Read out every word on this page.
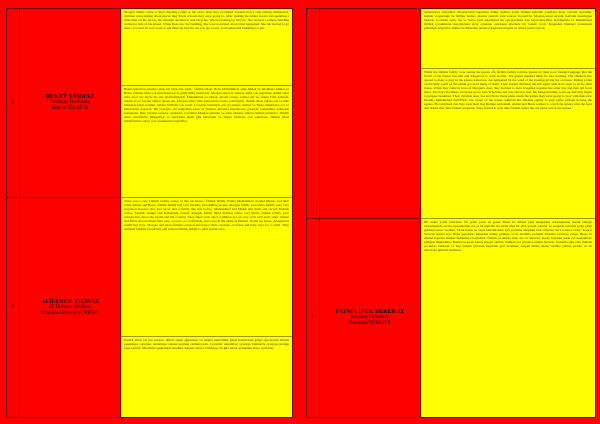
5
6
BUKET ŞAŞMAZ
Tuzluçay Ortaokulu
Konya/TÜRKİYE
AFİFENUR YILMAZ
15 Temmuz Şehitleri
Ortaokulu Mersin/TÜRKİYE
Morgan family came to their meeting points at the exact hour they promised. Parents had a chat among themselves, children were talking about places they lived, schools they were going to. After visiting the island streets and spending a little time on the beach, the children decided to rent bicycles. When traveling by bicycle, She noticed a remote building on the far side of the island. When Kate saw the building, She was so excited about what happened. She felt he had to go there. It would be very scary to get there by bicycle. As you get closer, you realize that building is a pie.
Buket kafasının içinden çıkan bir Türk aile vardı : Öztürk ailesi. Baba Muhammed, anne Melek ve küçükleri Ahmet ve Beste. Öztürk ailesi çok misafirperver ve güleryüzlü insanlardı. Morgan ailesi ve Alex'in ailesi çok şaşırmıştı çünkü onlar daha önce hiç böyle bir aile görmemişlerdi. Muhammed ve Melek onlarla tanıştı, sohbet etti ve onlara Türk kahvesi, lokum ve ev yapımı tatlılar ikram etti. Morgan ailesi Türk kahvesinin tadına çok bayıldı. Öztürk ailesi onlara ada ve ülke hakkında bilgi verdiler. Aileler birbirini çok sevdi. Çocuklar birbiriyle çok iyi anlaştı. Ahmet ve Beste misafirlere evi ve bahçelerini gösterdi. Bir papağan, iki muhabbet kuşu ve Duman adındaki köpeklerini gösterdi. Gelenekler hakkında konuştular. Hep beraber oyunlar oynadılar. Çocuklar Morgan ailesine ve Alex ailesine adanın tarihini anlattılar. Öztürk ailesi kendilerini Morgan'lar ve Alex'lerin ailesi gibi hissettiler ve aileler birbirine çok yakınlaştı. Öztürk ailesi misafirlerine onları çok sevdiklerini söylediler.
There was a cute Turkish family owner of this ıns house : Öztürk family. Father Muhammed, mother Melek, and their twins Ahmet and Beste. Öztürk family had very friendly and smiling people. Morgan family and Alex's family were very surprised because they had never met a family like this before. Muhammed and Melek met them and served Turkish coffee, Turkish delight and homemade sweets. Morgan family liked Turkish coffee very much. Öztürk family gave information about the island and the country. They liked each other. Children got on very well with each other. Ahmet and Beste showed them their pets, a parrot, two ladybirds, and a dog in the name of Duman. In this tea house, designed in traditional style. Morgan and Alex families relaxed and forgot their countries crowded and busy days for a while. They admired Turkish hospitality and invited Öztürk family to their hometowns.
Öztürk ailesi çat pat yabancı dilleri onları ağırlarken ve adanın unutulmuş güzel hatıralarını gölge ağaçlarının altında yaşatmaya çalıştılar. Anlattıkça adanın geçmişi canlanıyordu. Çocuklar saklambaç oynayıp, Duman'la oynayıp ortalığa neşe saçtılar. Misafirler şaşkınlıkla izlediler. Akşam olunca vedalaşıp, bir gün tekrar görüşmek üzere ayrıldılar.
7
FATMA İPEK BEREKAT
Kayabey Ortaokulu
Balıkesir/TÜRKİYE
tırmanmaya başladılar. Morgan'ların kapısının önüne gelince yanın birlikte kahvaltı yapmaya karar verendi ayrıldılar. Günün yorgunluğu ile birlikte herkes odasına çekildi. Gün sonrası Kocaeli'de, Morgan ailesi uyandı, kahvaltı hazırlığına başladı. Çocuklar Ann, Joe ve Steve yeni arkadaşları ile oynayacaklar için heyecanlıydılar. Kardeşlerle ve Muhammed Öztürk çocuklarına meydandaki tavla oyununu oynarken ellerinde bir lokum vardı. Köpekleri Duman'ı yanlarında götürmek istiyordu. Ahmet ve Beste'nin anneleri kuşlarını besledi ve onlara şarkı söyledi.
While the Öztürk family were seeing the guests off, Öztürk family told the guests try their poor foreign language that the North of the Island was still and dangerous to walk around. The guests thanked them for this warning. The children also agreed to meet to play in the square tomorrow. Accompanied by the wind of the evening giving the coolness. Riding a bike on the hilly roads of the island got tired many of them. They started climbing the hill again with slow steps to arrive their house. When they came in front of Morgan's door, they decided to have breakfast together the other day and they left from there. The day's tiredness, everyone got to bed. When the sun was about to rise, the Morgan family woke up and they began to prepare breakfast. Their children Ann, Joe and Steve made plans about the games they were going to play with their new friends. Muhammed ÖZTÜRK, the owner of the house, admired his children rightly to play game without leaving the square. He told them that they took their dog Duman with them. Ahmet and Beste walked to watch the square with the food and drinks that their mother prepared. They started to wait their friends under the old plane tree at the square.
Bir saatte yolun belirdiler. Ne gelen yardı ne gelen. Beste ile Ahmet yani tanıştıkları arkadaşlarına merak etmeye başlamışlardı. Acaba uyanmadılar mı ya da kahvaltı mı uzadı diye bir sürü yorum yaptılar ve sonunda evlerine gidip gidip gelmeye karar verdiler. Eksik kalan ne varsa tamamlamak için çocuklar meydanı terk etmeden önce kontrol ettiler. Kapıyı Steve'in annesi açtı. Buna şaşırdılar; erkenden kalkıp gitmişti. O da merakla çocuklar haberler vermeye çalıştı. Beste ve Ahmet kapının önünde beklemeye başladılar. Öztürk çocukları Ann, Joe ve Steve'in, kuzey kıyıdaki yıkık evi keşfetmeye gittiğini düşündüler. Hemen koşarak kuzey tepeye çıktılar. Duman yol boyunca önden havladı. Sonunda eski evin önünde çocukları buldular ve hep birlikte güvenle meydana geri döndüler. Akşam bütün aileler birlikte yemek yediler ve bu maceraya gülerek anlattılar.
